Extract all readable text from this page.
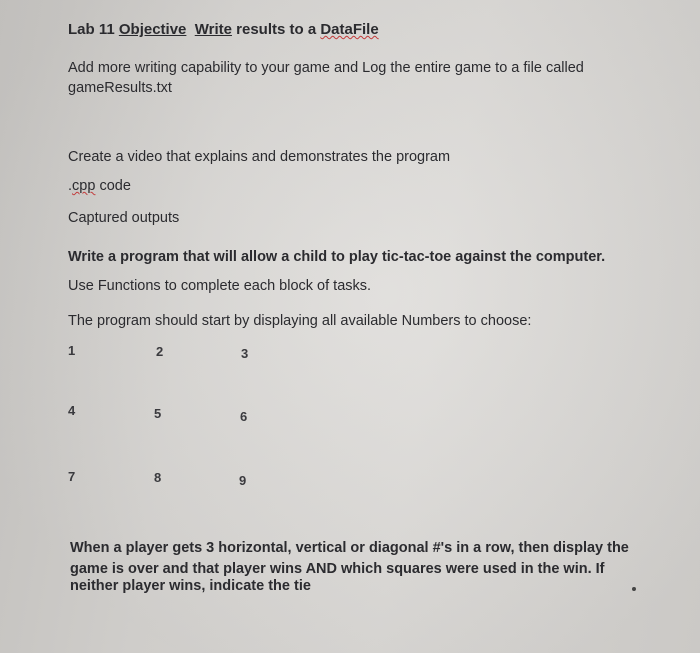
Lab 11 Objective Write results to a DataFile
Add more writing capability to your game and Log the entire game to a file called
gameResults.txt
Create a video that explains and demonstrates the program
.cpp code
Captured outputs
Write a program that will allow a child to play tic-tac-toe against the computer.
Use Functions to complete each block of tasks.
The program should start by displaying all available Numbers to choose:
1	2	3
4	5	6
7	8	9
When a player gets 3 horizontal, vertical or diagonal #'s in a row, then display the
game is over and that player wins AND which squares were used in the win. If
neither player wins, indicate the tie
